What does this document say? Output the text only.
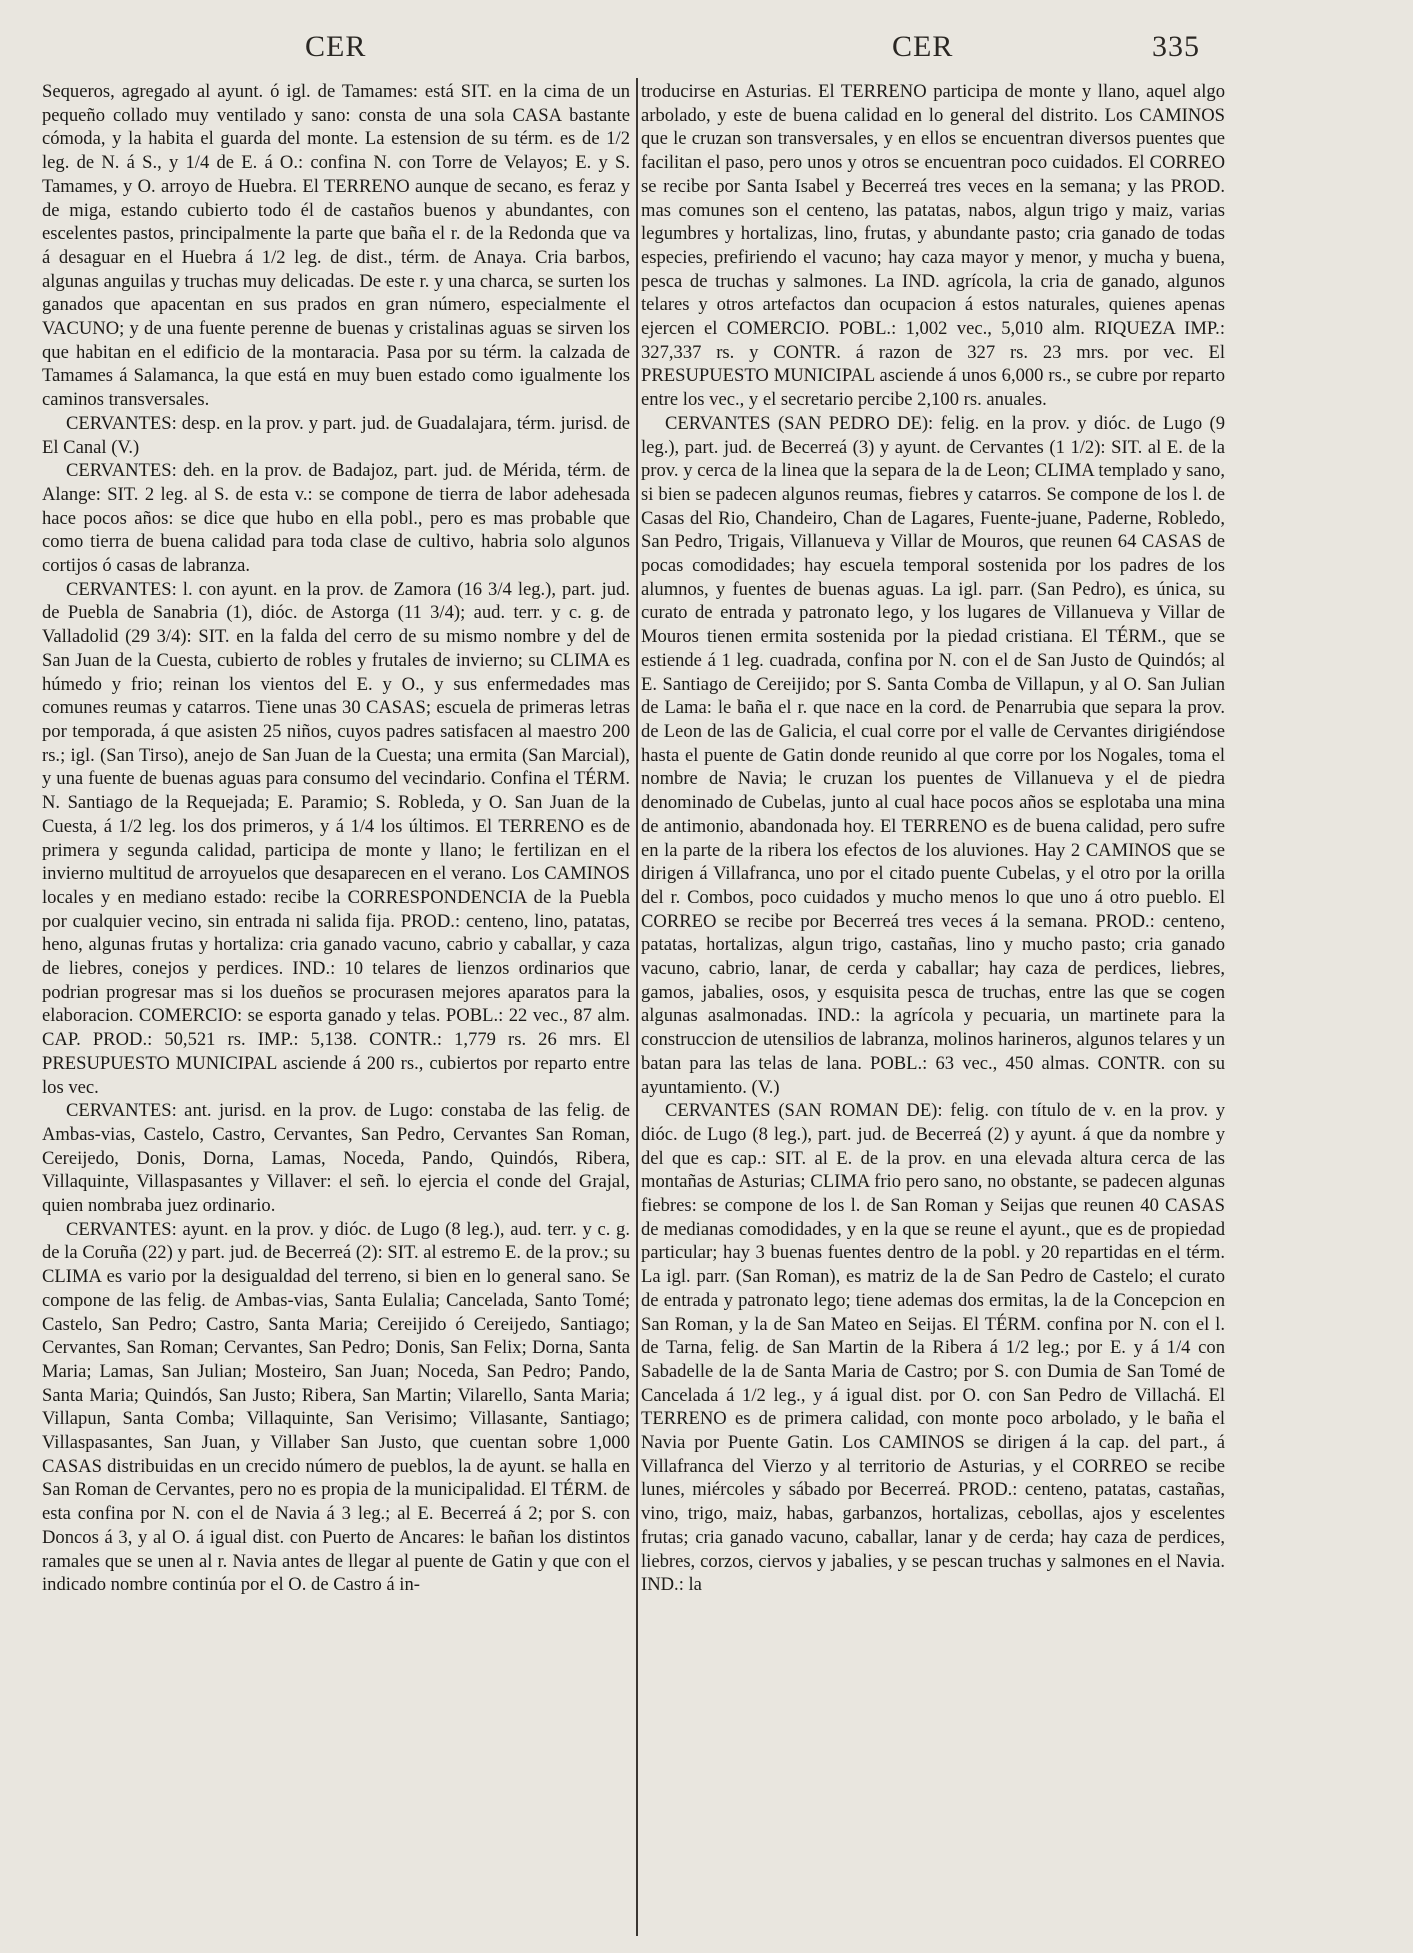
CER	CER	335

Sequeros, agregado al ayunt. ó igl. de Tamames: está SIT. en la cima de un pequeño collado muy ventilado y sano: consta de una sola CASA bastante cómoda, y la habita el guarda del monte. La estension de su térm. es de 1/2 leg. de N. á S., y 1/4 de E. á O.: confina N. con Torre de Velayos; E. y S. Tamames, y O. arroyo de Huebra. El TERRENO aunque de secano, es feraz y de miga, estando cubierto todo él de castaños buenos y abundantes, con escelentes pastos, principalmente la parte que baña el r. de la Redonda que va á desaguar en el Huebra á 1/2 leg. de dist., térm. de Anaya. Cria barbos, algunas anguilas y truchas muy delicadas. De este r. y una charca, se surten los ganados que apacentan en sus prados en gran número, especialmente el VACUNO; y de una fuente perenne de buenas y cristalinas aguas se sirven los que habitan en el edificio de la montaracia. Pasa por su térm. la calzada de Tamames á Salamanca, la que está en muy buen estado como igualmente los caminos transversales.

CERVANTES: desp. en la prov. y part. jud. de Guadalajara, térm. jurisd. de El Canal (V.)

CERVANTES: deh. en la prov. de Badajoz, part. jud. de Mérida, térm. de Alange: SIT. 2 leg. al S. de esta v.: se compone de tierra de labor adehesada hace pocos años: se dice que hubo en ella pobl., pero es mas probable que como tierra de buena calidad para toda clase de cultivo, habria solo algunos cortijos ó casas de labranza.

CERVANTES: l. con ayunt. en la prov. de Zamora (16 3/4 leg.), part. jud. de Puebla de Sanabria (1), dióc. de Astorga (11 3/4); aud. terr. y c. g. de Valladolid (29 3/4): SIT. en la falda del cerro de su mismo nombre y del de San Juan de la Cuesta, cubierto de robles y frutales de invierno; su CLIMA es húmedo y frio; reinan los vientos del E. y O., y sus enfermedades mas comunes reumas y catarros. Tiene unas 30 CASAS; escuela de primeras letras por temporada, á que asisten 25 niños, cuyos padres satisfacen al maestro 200 rs.; igl. (San Tirso), anejo de San Juan de la Cuesta; una ermita (San Marcial), y una fuente de buenas aguas para consumo del vecindario. Confina el TÉRM. N. Santiago de la Requejada; E. Paramio; S. Robleda, y O. San Juan de la Cuesta, á 1/2 leg. los dos primeros, y á 1/4 los últimos. El TERRENO es de primera y segunda calidad, participa de monte y llano; le fertilizan en el invierno multitud de arroyuelos que desaparecen en el verano. Los CAMINOS locales y en mediano estado: recibe la CORRESPONDENCIA de la Puebla por cualquier vecino, sin entrada ni salida fija. PROD.: centeno, lino, patatas, heno, algunas frutas y hortaliza: cria ganado vacuno, cabrio y caballar, y caza de liebres, conejos y perdices. IND.: 10 telares de lienzos ordinarios que podrian progresar mas si los dueños se procurasen mejores aparatos para la elaboracion. COMERCIO: se esporta ganado y telas. POBL.: 22 vec., 87 alm. CAP. PROD.: 50,521 rs. IMP.: 5,138. CONTR.: 1,779 rs. 26 mrs. El PRESUPUESTO MUNICIPAL asciende á 200 rs., cubiertos por reparto entre los vec.

CERVANTES: ant. jurisd. en la prov. de Lugo: constaba de las felig. de Ambas-vias, Castelo, Castro, Cervantes, San Pedro, Cervantes San Roman, Cereijedo, Donis, Dorna, Lamas, Noceda, Pando, Quindós, Ribera, Villaquinte, Villaspasantes y Villaver: el señ. lo ejercia el conde del Grajal, quien nombraba juez ordinario.

CERVANTES: ayunt. en la prov. y dióc. de Lugo (8 leg.), aud. terr. y c. g. de la Coruña (22) y part. jud. de Becerreá (2): SIT. al estremo E. de la prov.; su CLIMA es vario por la desigualdad del terreno, si bien en lo general sano. Se compone de las felig. de Ambas-vias, Santa Eulalia; Cancelada, Santo Tomé; Castelo, San Pedro; Castro, Santa Maria; Cereijido ó Cereijedo, Santiago; Cervantes, San Roman; Cervantes, San Pedro; Donis, San Felix; Dorna, Santa Maria; Lamas, San Julian; Mosteiro, San Juan; Noceda, San Pedro; Pando, Santa Maria; Quindós, San Justo; Ribera, San Martin; Vilarello, Santa Maria; Villapun, Santa Comba; Villaquinte, San Verisimo; Villasante, Santiago; Villaspasantes, San Juan, y Villaber San Justo, que cuentan sobre 1,000 CASAS distribuidas en un crecido número de pueblos, la de ayunt. se halla en San Roman de Cervantes, pero no es propia de la municipalidad. El TÉRM. de esta confina por N. con el de Navia á 3 leg.; al E. Becerreá á 2; por S. con Doncos á 3, y al O. á igual dist. con Puerto de Ancares: le bañan los distintos ramales que se unen al r. Navia antes de llegar al puente de Gatin y que con el indicado nombre continúa por el O. de Castro á in-

troducirse en Asturias. El TERRENO participa de monte y llano, aquel algo arbolado, y este de buena calidad en lo general del distrito. Los CAMINOS que le cruzan son transversales, y en ellos se encuentran diversos puentes que facilitan el paso, pero unos y otros se encuentran poco cuidados. El CORREO se recibe por Santa Isabel y Becerreá tres veces en la semana; y las PROD. mas comunes son el centeno, las patatas, nabos, algun trigo y maiz, varias legumbres y hortalizas, lino, frutas, y abundante pasto; cria ganado de todas especies, prefiriendo el vacuno; hay caza mayor y menor, y mucha y buena, pesca de truchas y salmones. La IND. agrícola, la cria de ganado, algunos telares y otros artefactos dan ocupacion á estos naturales, quienes apenas ejercen el COMERCIO. POBL.: 1,002 vec., 5,010 alm. RIQUEZA IMP.: 327,337 rs. y CONTR. á razon de 327 rs. 23 mrs. por vec. El PRESUPUESTO MUNICIPAL asciende á unos 6,000 rs., se cubre por reparto entre los vec., y el secretario percibe 2,100 rs. anuales.

CERVANTES (SAN PEDRO DE): felig. en la prov. y dióc. de Lugo (9 leg.), part. jud. de Becerreá (3) y ayunt. de Cervantes (1 1/2): SIT. al E. de la prov. y cerca de la linea que la separa de la de Leon; CLIMA templado y sano, si bien se padecen algunos reumas, fiebres y catarros. Se compone de los l. de Casas del Rio, Chandeiro, Chan de Lagares, Fuente-juane, Paderne, Robledo, San Pedro, Trigais, Villanueva y Villar de Mouros, que reunen 64 CASAS de pocas comodidades; hay escuela temporal sostenida por los padres de los alumnos, y fuentes de buenas aguas. La igl. parr. (San Pedro), es única, su curato de entrada y patronato lego, y los lugares de Villanueva y Villar de Mouros tienen ermita sostenida por la piedad cristiana. El TÉRM., que se estiende á 1 leg. cuadrada, confina por N. con el de San Justo de Quindós; al E. Santiago de Cereijido; por S. Santa Comba de Villapun, y al O. San Julian de Lama: le baña el r. que nace en la cord. de Penarrubia que separa la prov. de Leon de las de Galicia, el cual corre por el valle de Cervantes dirigiéndose hasta el puente de Gatin donde reunido al que corre por los Nogales, toma el nombre de Navia; le cruzan los puentes de Villanueva y el de piedra denominado de Cubelas, junto al cual hace pocos años se esplotaba una mina de antimonio, abandonada hoy. El TERRENO es de buena calidad, pero sufre en la parte de la ribera los efectos de los aluviones. Hay 2 CAMINOS que se dirigen á Villafranca, uno por el citado puente Cubelas, y el otro por la orilla del r. Combos, poco cuidados y mucho menos lo que uno á otro pueblo. El CORREO se recibe por Becerreá tres veces á la semana. PROD.: centeno, patatas, hortalizas, algun trigo, castañas, lino y mucho pasto; cria ganado vacuno, cabrio, lanar, de cerda y caballar; hay caza de perdices, liebres, gamos, jabalies, osos, y esquisita pesca de truchas, entre las que se cogen algunas asalmonadas. IND.: la agrícola y pecuaria, un martinete para la construccion de utensilios de labranza, molinos harineros, algunos telares y un batan para las telas de lana. POBL.: 63 vec., 450 almas. CONTR. con su ayuntamiento. (V.)

CERVANTES (SAN ROMAN DE): felig. con título de v. en la prov. y dióc. de Lugo (8 leg.), part. jud. de Becerreá (2) y ayunt. á que da nombre y del que es cap.: SIT. al E. de la prov. en una elevada altura cerca de las montañas de Asturias; CLIMA frio pero sano, no obstante, se padecen algunas fiebres: se compone de los l. de San Roman y Seijas que reunen 40 CASAS de medianas comodidades, y en la que se reune el ayunt., que es de propiedad particular; hay 3 buenas fuentes dentro de la pobl. y 20 repartidas en el térm. La igl. parr. (San Roman), es matriz de la de San Pedro de Castelo; el curato de entrada y patronato lego; tiene ademas dos ermitas, la de la Concepcion en San Roman, y la de San Mateo en Seijas. El TÉRM. confina por N. con el l. de Tarna, felig. de San Martin de la Ribera á 1/2 leg.; por E. y á 1/4 con Sabadelle de la de Santa Maria de Castro; por S. con Dumia de San Tomé de Cancelada á 1/2 leg., y á igual dist. por O. con San Pedro de Villachá. El TERRENO es de primera calidad, con monte poco arbolado, y le baña el Navia por Puente Gatin. Los CAMINOS se dirigen á la cap. del part., á Villafranca del Vierzo y al territorio de Asturias, y el CORREO se recibe lunes, miércoles y sábado por Becerreá. PROD.: centeno, patatas, castañas, vino, trigo, maiz, habas, garbanzos, hortalizas, cebollas, ajos y escelentes frutas; cria ganado vacuno, caballar, lanar y de cerda; hay caza de perdices, liebres, corzos, ciervos y jabalies, y se pescan truchas y salmones en el Navia. IND.: la
